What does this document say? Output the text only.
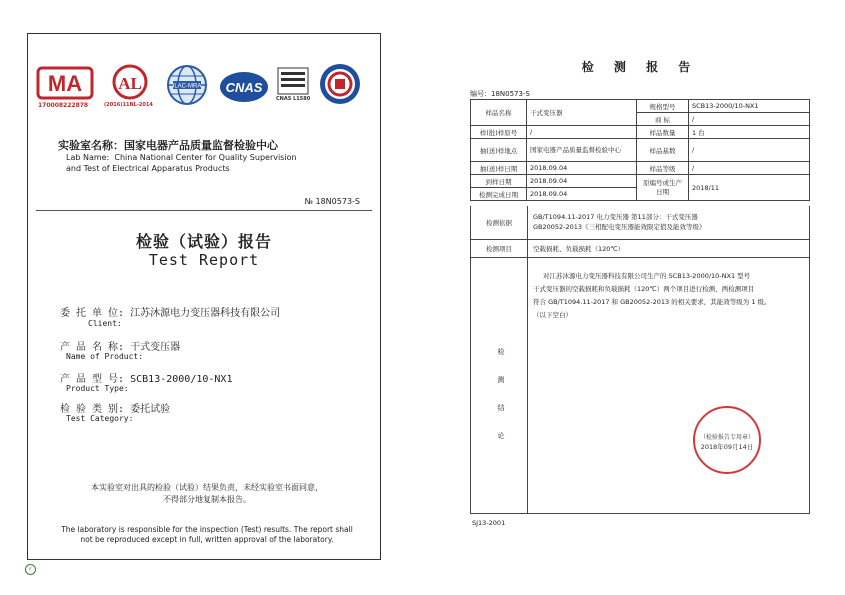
MA
170008222878
AL
(2016)11NL-2014
ILAC-MRA CNAS
CNAS L1580
实验室名称：国家电器产品质量监督检验中心
Lab Name: China National Center for Quality Supervision
and Test of Electrical Apparatus Products
№ 18N0573-S
检验（试验）报告
Test Report
委 托 单 位: 江苏沐源电力变压器科技有限公司
Client:
产 品 名 称: 干式变压器
Name of Product:
产 品 型 号: SCB13-2000/10-NX1
Product Type:
检 验 类 别: 委托试验
Test Category:
本实验室对出具的检验（试验）结果负责，未经实验室书面同意，
不得部分地复制本报告。
The laboratory is responsible for the inspection (Test) results. The report shall
not be reproduced except in full, written approval of the laboratory.
✓
检 测 报 告
编号：18N0573-S
样品名称	干式变压器	规格型号	SCB13-2000/10-NX1
		商 标	/
样(批)样原号	/	样品数量	1 台
抽(送)样地点	国家电器产品质量监督检验中心	样品基数	/
抽(送)样日期	2018.09.04	样品等级	/
到样日期	2018.09.04	原编号或生产日期	2018/11
检测完成日期	2018.09.04		
检测依据
GB/T1094.11-2017 电力变压器 第11部分：干式变压器
GB20052-2013《三相配电变压器能效限定值及能效等级》
检测项目	空载损耗、负载损耗（120℃）
检
测
结
论
对江苏沐源电力变压器科技有限公司生产的 SCB13-2000/10-NX1 型号
干式变压器的空载损耗和负载损耗（120℃）两个项目进行检测，两检测项目
符合 GB/T1094.11-2017 和 GB20052-2013 的相关要求，其能效等级为 1 级。
（以下空白）
（检验报告专用章）
2018年09月14日
SJ13-2001
